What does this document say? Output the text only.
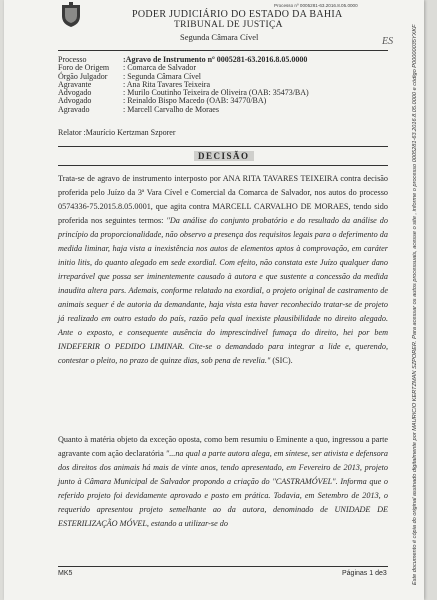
Processo nº 0005281-63.2016.8.05.0000
PODER JUDICIÁRIO DO ESTADO DA BAHIA
TRIBUNAL DE JUSTIÇA
Segunda Câmara Cível	ES
Processo	:Agravo de Instrumento nº 0005281-63.2016.8.05.0000
Foro de Origem	: Comarca de Salvador
Órgão Julgador	: Segunda Câmara Cível
Agravante	: Ana Rita Tavares Teixeira
Advogado	: Murilo Coutinho Teixeira de Oliveira (OAB: 35473/BA)
Advogado	: Reinaldo Bispo Macedo (OAB: 34770/BA)
Agravado	: Marcell Carvalho de Moraes
Relator :Maurício Kertzman Szporer
DECISÃO
Trata-se de agravo de instrumento interposto por ANA RITA TAVARES TEIXEIRA contra decisão proferida pelo Juízo da 3ª Vara Cível e Comercial da Comarca de Salvador, nos autos do processo 0574336-75.2015.8.05.0001, que agita contra MARCELL CARVALHO DE MORAES, tendo sido proferida nos seguintes termos: "Da análise do conjunto probatório e do resultado da análise do princípio da proporcionalidade, não observo a presença dos requisitos legais para o deferimento da medida liminar, haja vista a inexistência nos autos de elementos aptos à comprovação, em caráter initio litis, do quanto alegado em sede exordial. Com efeito, não constata este Juízo qualquer dano irreparável que possa ser iminentemente causado à autora e que sustente a concessão da medida inaudita altera pars. Ademais, conforme relatado na exordial, o projeto original de castramento de animais sequer é de autoria da demandante, haja vista esta haver reconhecido tratar-se de projeto já realizado em outro estado do país, razão pela qual inexiste plausibilidade no direito alegado. Ante o exposto, e consequente ausência do imprescindível fumaça do direito, hei por bem INDEFERIR O PEDIDO LIMINAR. Cite-se o demandado para integrar a lide e, querendo, contestar o pleito, no prazo de quinze dias, sob pena de revelia." (SIC).
Quanto à matéria objeto da exceção oposta, como bem resumiu o Eminente a quo, ingressou a parte agravante com ação declaratória "...na qual a parte autora alega, em síntese, ser ativista e defensora dos direitos dos animais há mais de vinte anos, tendo apresentado, em Fevereiro de 2013, projeto junto à Câmara Municipal de Salvador propondo a criação do "CASTRAMÓVEL". Informa que o referido projeto foi devidamente aprovado e posto em prática. Todavia, em Setembro de 2013, o requerido apresentou projeto semelhante ao da autora, denominado de UNIDADE DE ESTERILIZAÇÃO MÓVEL, estando a utilizar-se do
MK5	Páginas 1 de3	Este documento é cópia do original assinado digitalmente por MAURICIO KERTZMAN SZPORER. Para acessar os autos processuais, acesse o site , informe o processo 0005281-63.2016.8.05.0000 e código P00000035YXKF
